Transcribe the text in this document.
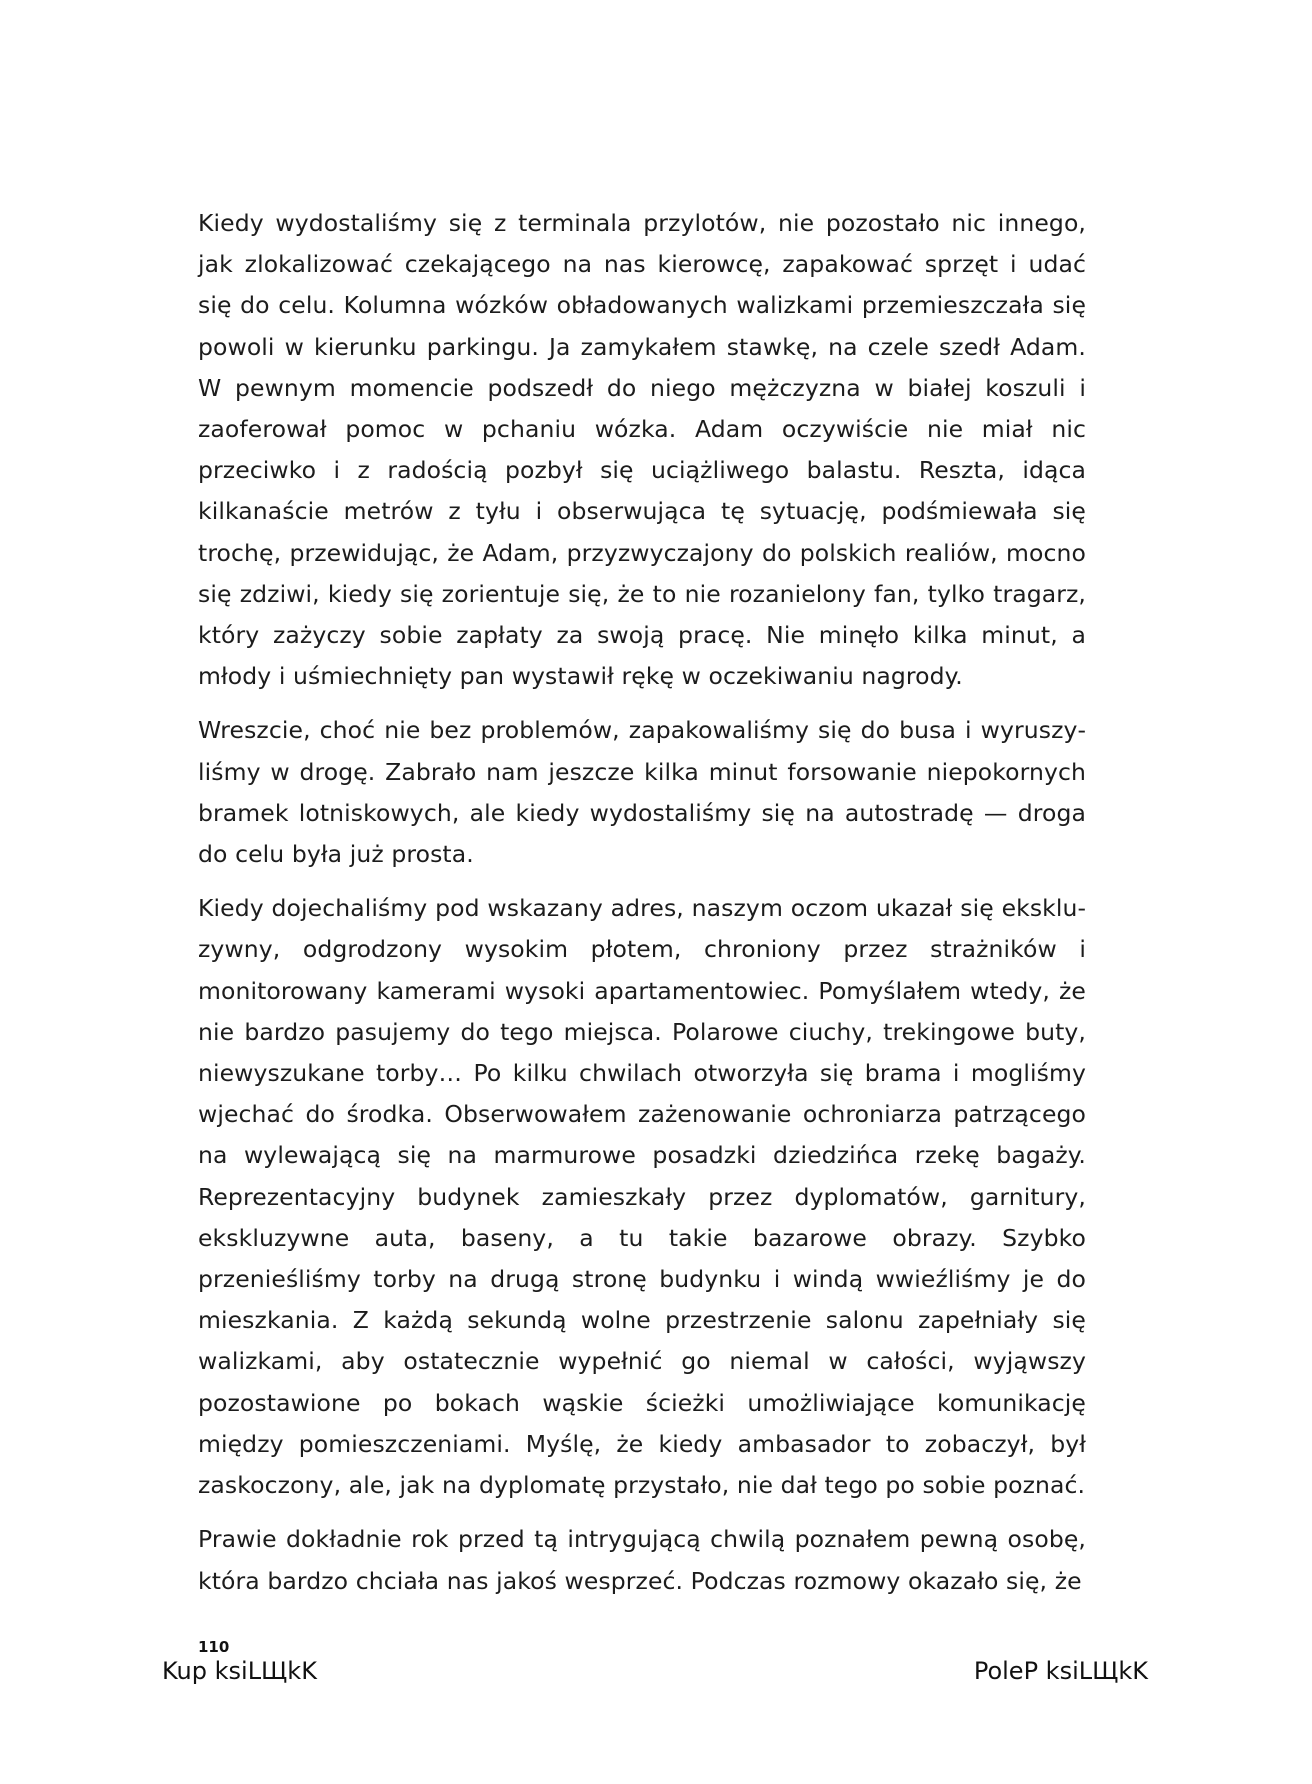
Kiedy wydostaliśmy się z terminala przylotów, nie pozostało nic innego, jak zlokalizować czekającego na nas kierowcę, zapakować sprzęt i udać się do celu. Kolumna wózków obładowanych walizkami przemieszczała się powoli w kierunku parkingu. Ja zamykałem stawkę, na czele szedł Adam. W pewnym momencie podszedł do niego mężczyzna w białej koszuli i zaoferował pomoc w pchaniu wózka. Adam oczywiście nie miał nic przeciwko i z radością pozbył się uciążliwego balastu. Reszta, idąca kilkanaście metrów z tyłu i obserwująca tę sytuację, podśmiewała się trochę, przewidując, że Adam, przyzwyczajony do polskich realiów, mocno się zdziwi, kiedy się zorientuje się, że to nie rozanielony fan, tylko tragarz, który zażyczy sobie zapłaty za swoją pracę. Nie minęło kilka minut, a młody i uśmiechnięty pan wystawił rękę w oczekiwaniu nagrody.

Wreszcie, choć nie bez problemów, zapakowaliśmy się do busa i wyruszyliśmy w drogę. Zabrało nam jeszcze kilka minut forsowanie niepokornych bramek lotniskowych, ale kiedy wydostaliśmy się na autostradę — droga do celu była już prosta.

Kiedy dojechaliśmy pod wskazany adres, naszym oczom ukazał się ekskluzywny, odgrodzony wysokim płotem, chroniony przez strażników i monitorowany kamerami wysoki apartamentowiec. Pomyślałem wtedy, że nie bardzo pasujemy do tego miejsca. Polarowe ciuchy, trekingowe buty, niewyszukane torby… Po kilku chwilach otworzyła się brama i mogliśmy wjechać do środka. Obserwowałem zażenowanie ochroniarza patrzącego na wylewającą się na marmurowe posadzki dziedzińca rzekę bagaży. Reprezentacyjny budynek zamieszkały przez dyplomatów, garnitury, ekskluzywne auta, baseny, a tu takie bazarowe obrazy. Szybko przenieśliśmy torby na drugą stronę budynku i windą wwieźliśmy je do mieszkania. Z każdą sekundą wolne przestrzenie salonu zapełniały się walizkami, aby ostatecznie wypełnić go niemal w całości, wyjąwszy pozostawione po bokach wąskie ścieżki umożliwiające komunikację między pomieszczeniami. Myślę, że kiedy ambasador to zobaczył, był zaskoczony, ale, jak na dyplomatę przystało, nie dał tego po sobie poznać.

Prawie dokładnie rok przed tą intrygującą chwilą poznałem pewną osobę, która bardzo chciała nas jakoś wesprzeć. Podczas rozmowy okazało się, że

110
Kup ksiLЩkK	PoleP ksiLЩkK
